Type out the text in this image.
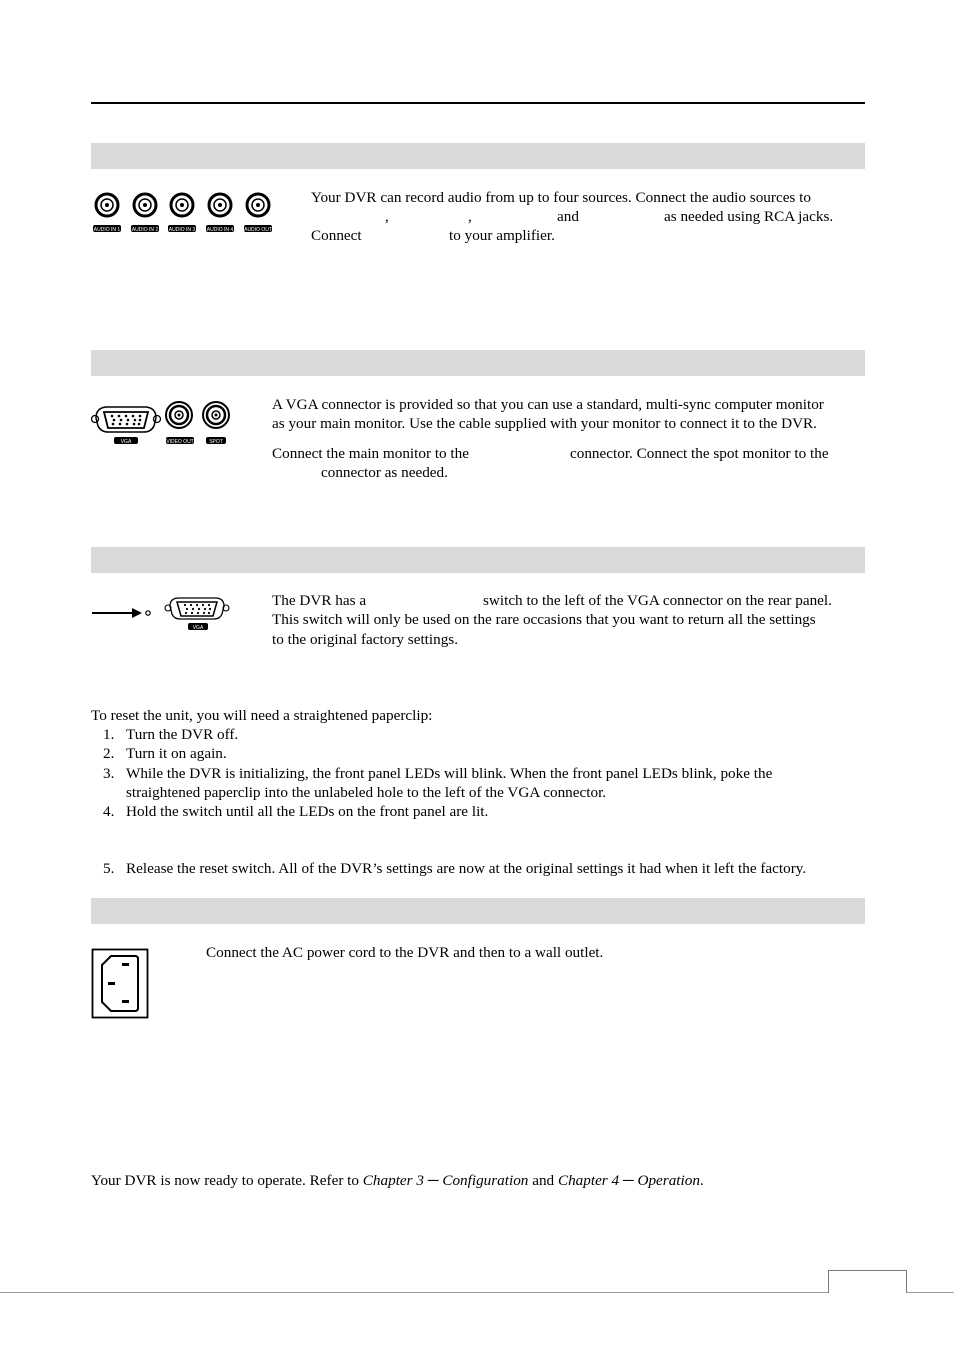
AUDIO IN 1 AUDIO IN 2 AUDIO IN 3 AUDIO IN 4 AUDIO OUT
Your DVR can record audio from up to four sources. Connect the audio sources to
,	,	and	as needed using RCA jacks.
Connect	to your amplifier.
VGA	VIDEO OUT	SPOT
A VGA connector is provided so that you can use a standard, multi-sync computer monitor
as your main monitor. Use the cable supplied with your monitor to connect it to the DVR.
Connect the main monitor to the	connector. Connect the spot monitor to the
connector as needed.
VGA
The DVR has a	switch to the left of the VGA connector on the rear panel.
This switch will only be used on the rare occasions that you want to return all the settings
to the original factory settings.
To reset the unit, you will need a straightened paperclip:
1. Turn the DVR off.
2. Turn it on again.
3. While the DVR is initializing, the front panel LEDs will blink. When the front panel LEDs blink, poke the
straightened paperclip into the unlabeled hole to the left of the VGA connector.
4. Hold the switch until all the LEDs on the front panel are lit.
5. Release the reset switch. All of the DVR’s settings are now at the original settings it had when it left the factory.
Connect the AC power cord to the DVR and then to a wall outlet.
Your DVR is now ready to operate. Refer to Chapter 3 ─ Configuration and Chapter 4 ─ Operation.
